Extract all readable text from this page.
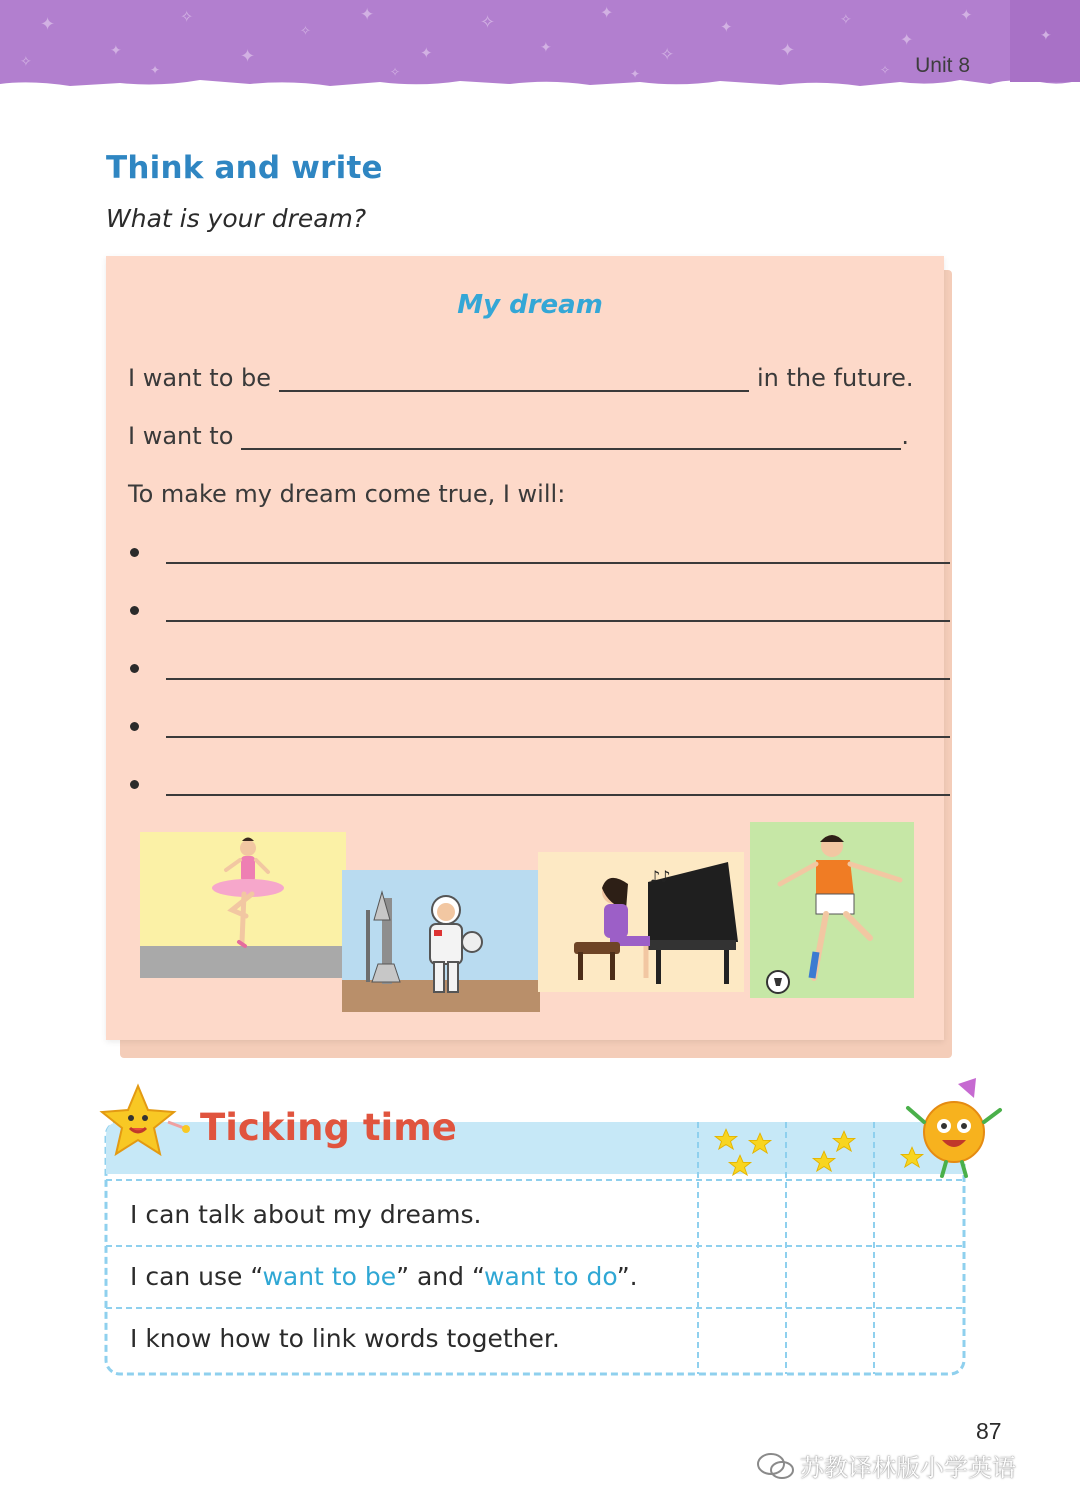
✦
✦
✧
✦
✧
✦
✦
✧
✦
✦
✧
✦
✦
✧
✦
✦
✧	✦	✧	✦	✧
✦
Unit 8
Think and write

What is your dream?

My dream
I want to be	in the future.
I want to	.
To make my dream come true, I will:
♪♪
Ticking time
I can talk about my dreams.
I can use “want to be” and “want to do”.
I know how to link words together.
87
苏教译林版小学英语
